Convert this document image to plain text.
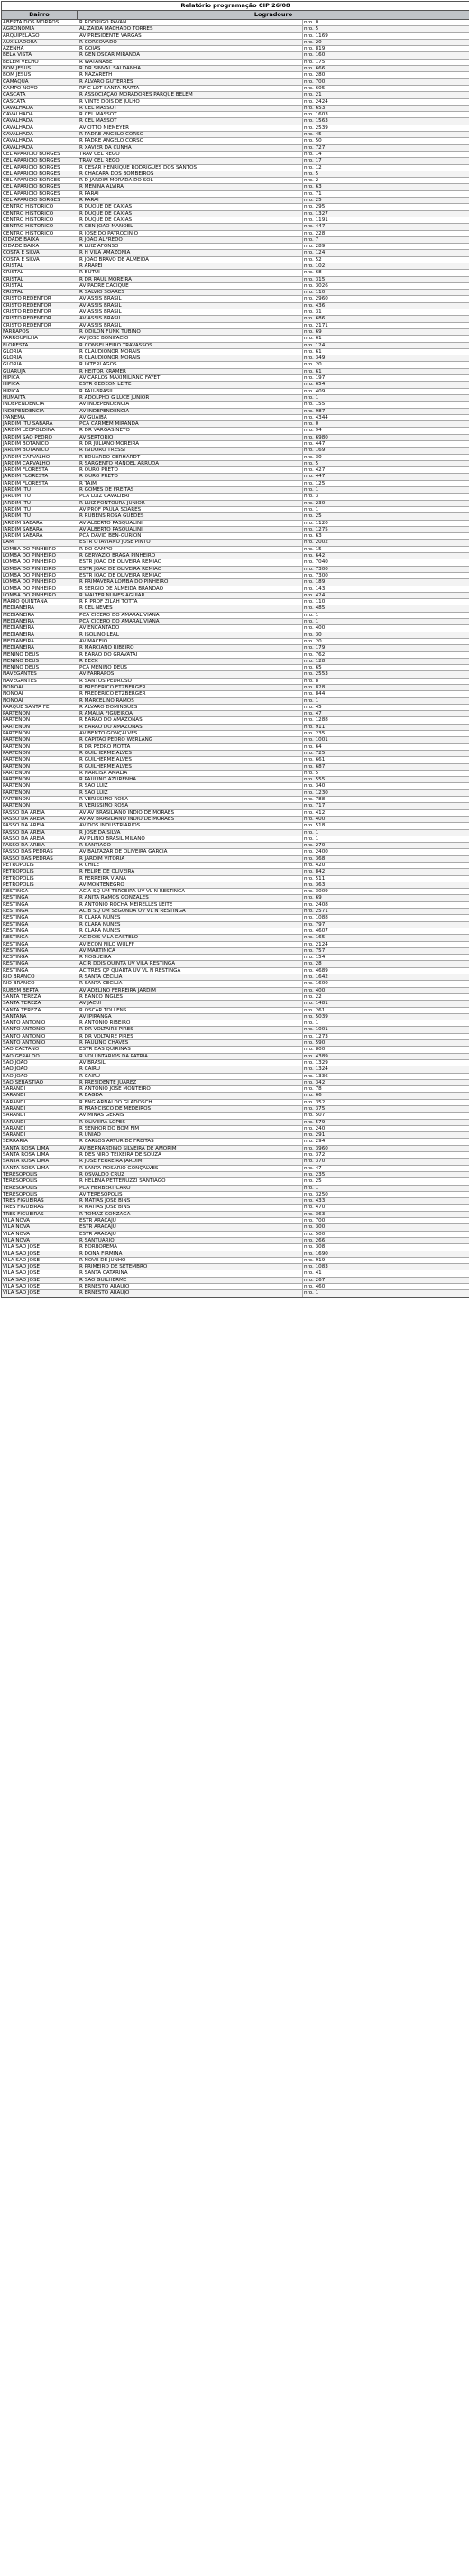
Relatório programação CIP 26/08
Bairro	Logradouro
ABERTA DOS MORROS	R RODRIGO PAVAN	nro. 0
AGRONOMIA	AL ZAIDA MACHADO TORRES	nro. 5
ARQUIPÉLAGO	AV PRESIDENTE VARGAS	nro. 1169
AUXILIADORA	R CORCOVADO	nro. 20
AZENHA	R GOIÁS	nro. 819
BELA VISTA	R GEN OSCAR MIRANDA	nro. 160
BELÉM VELHO	R WATANABE	nro. 175
BOM JESUS	R DR SINVAL SALDANHA	nro. 666
BOM JESUS	R NAZARETH	nro. 280
CAMAQUÃ	R ALVARO GUTERRES	nro. 700
CAMPO NOVO	RF C LOT SANTA MARTA	nro. 605
CASCATA	R ASSOCIAÇÃO MORADORES PARQUE BELEM	nro. 21
CASCATA	R VINTE DOIS DE JULHO	nro. 2424
CAVALHADA	R CEL MASSOT	nro. 653
CAVALHADA	R CEL MASSOT	nro. 1603
CAVALHADA	R CEL MASSOT	nro. 1563
CAVALHADA	AV OTTO NIEMEYER	nro. 2539
CAVALHADA	R PADRE ÂNGELO CORSO	nro. 45
CAVALHADA	R PADRE ÂNGELO CORSO	nro. 50
CAVALHADA	R XAVIER DA CUNHA	nro. 727
CEL APARICIO BORGES	TRAV CEL REGO	nro. 14
CEL APARICIO BORGES	TRAV CEL REGO	nro. 17
CEL APARICIO BORGES	R CESAR HENRIQUE RODRIGUES DOS SANTOS	nro. 12
CEL APARICIO BORGES	R CHACARA DOS BOMBEIROS	nro. 5
CEL APARICIO BORGES	R D JARDIM MORADA DO SOL	nro. 2
CEL APARICIO BORGES	R MENINA ALVIRA	nro. 63
CEL APARICIO BORGES	R PARAÍ	nro. 71
CEL APARICIO BORGES	R PARAÍ	nro. 25
CENTRO HISTÓRICO	R DUQUE DE CAXIAS	nro. 295
CENTRO HISTÓRICO	R DUQUE DE CAXIAS	nro. 1327
CENTRO HISTÓRICO	R DUQUE DE CAXIAS	nro. 1191
CENTRO HISTÓRICO	R GEN JOÃO MANOEL	nro. 447
CENTRO HISTÓRICO	R JOSÉ DO PATROCÍNIO	nro. 228
CIDADE BAIXA	R JOÃO ALFREDO	nro. 7
CIDADE BAIXA	R LUIZ AFONSO	nro. 289
COSTA E SILVA	R H VILA AMAZÔNIA	nro. 124
COSTA E SILVA	R JOÃO BRAVO DE ALMEIDA	nro. 52
CRISTAL	R ARAPEÍ	nro. 102
CRISTAL	R BUTUÍ	nro. 68
CRISTAL	R DR RAUL MOREIRA	nro. 315
CRISTAL	AV PADRE CACIQUE	nro. 3026
CRISTAL	R SALVIO SOARES	nro. 110
CRISTO REDENTOR	AV ASSIS BRASIL	nro. 2960
CRISTO REDENTOR	AV ASSIS BRASIL	nro. 436
CRISTO REDENTOR	AV ASSIS BRASIL	nro. 31
CRISTO REDENTOR	AV ASSIS BRASIL	nro. 686
CRISTO REDENTOR	AV ASSIS BRASIL	nro. 2171
FARRAPOS	R ODILON FUNK TUBINO	nro. 69
FARROUPILHA	AV JOSÉ BONIFÁCIO	nro. 61
FLORESTA	R CONSELHEIRO TRAVASSOS	nro. 124
GLÓRIA	R CLAUDIONOR MORAIS	nro. 61
GLÓRIA	R CLAUDIONOR MORAIS	nro. 349
GLÓRIA	R INTERLAGOS	nro. 20
GUARUJÁ	R HEITOR KRAMER	nro. 61
HÍPICA	AV CARLOS MAXIMILIANO FAYET	nro. 197
HÍPICA	ESTR GEDEON LEITE	nro. 654
HÍPICA	R PAU-BRASIL	nro. 409
HUMAITÁ	R ADOLPHO G LUCE JUNIOR	nro. 1
INDEPENDÊNCIA	AV INDEPENDÊNCIA	nro. 155
INDEPENDÊNCIA	AV INDEPENDÊNCIA	nro. 987
IPANEMA	AV GUAÍBA	nro. 4344
JARDIM ITU SABARÁ	PCA CARMEM MIRANDA	nro. 0
JARDIM LEOPOLDINA	R DR VARGAS NETO	nro. 94
JARDIM SÃO PEDRO	AV SERTÓRIO	nro. 6980
JARDIM BOTÂNICO	R DR JULIANO MOREIRA	nro. 447
JARDIM BOTÂNICO	R ISIDORO TRESSI	nro. 169
JARDIM CARVALHO	R EDUARDO GERHARDT	nro. 30
JARDIM CARVALHO	R SARGENTO MANOEL ARRUDA	nro. 5
JARDIM FLORESTA	R OURO PRETO	nro. 427
JARDIM FLORESTA	R OURO PRETO	nro. 447
JARDIM FLORESTA	R TAIM	nro. 125
JARDIM ITU	R GOMES DE FREITAS	nro. 1
JARDIM ITU	PCA LUIZ CAVALIERI	nro. 3
JARDIM ITU	R LUIZ FONTOURA JUNIOR	nro. 230
JARDIM ITU	AV PROF PAULA SOARES	nro. 1
JARDIM ITU	R RUBENS ROSA GUEDES	nro. 25
JARDIM SABARÁ	AV ALBERTO PASQUALINI	nro. 1120
JARDIM SABARÁ	AV ALBERTO PASQUALINI	nro. 1275
JARDIM SABARÁ	PCA DAVID BEN-GURION	nro. 63
LAMI	ESTR OTAVIANO JOSÉ PINTO	nro. 2002
LOMBA DO PINHEIRO	R DO CAMPO	nro. 15
LOMBA DO PINHEIRO	R GERVÁZIO BRAGA PINHEIRO	nro. 642
LOMBA DO PINHEIRO	ESTR JOÃO DE OLIVEIRA REMIÃO	nro. 7040
LOMBA DO PINHEIRO	ESTR JOÃO DE OLIVEIRA REMIÃO	nro. 7300
LOMBA DO PINHEIRO	ESTR JOÃO DE OLIVEIRA REMIÃO	nro. 7300
LOMBA DO PINHEIRO	R PRIMAVERA LOMBA DO PINHEIRO	nro. 189
LOMBA DO PINHEIRO	R SERGIO DE ALMEIDA BRANDAO	nro. 143
LOMBA DO PINHEIRO	R WALTER NUNES AGUIAR	nro. 424
MÁRIO QUINTANA	R R PROF ZILAH TOTTA	nro. 110
MEDIANEIRA	R CEL NEVES	nro. 485
MEDIANEIRA	PCA CICERO DO AMARAL VIANA	nro. 1
MEDIANEIRA	PCA CICERO DO AMARAL VIANA	nro. 1
MEDIANEIRA	AV ENCANTADO	nro. 400
MEDIANEIRA	R ISOLINO LEAL	nro. 30
MEDIANEIRA	AV MACEIÓ	nro. 20
MEDIANEIRA	R MARCIANO RIBEIRO	nro. 179
MENINO DEUS	R BARÃO DO GRAVATAÍ	nro. 762
MENINO DEUS	R BECK	nro. 128
MENINO DEUS	PCA MENINO DEUS	nro. 65
NAVEGANTES	AV FARRAPOS	nro. 2553
NAVEGANTES	R SANTOS PEDROSO	nro. 8
NONOAI	R FREDERICO ETZBERGER	nro. 828
NONOAI	R FREDERICO ETZBERGER	nro. 844
NONOAI	R MARCELINO RAMOS	nro. 1
PARQUE SANTA FÉ	R ALVARO DOMINGUES	nro. 45
PARTENON	R AMÁLIA FIGUEIROA	nro. 47
PARTENON	R BARÃO DO AMAZONAS	nro. 1288
PARTENON	R BARÃO DO AMAZONAS	nro. 911
PARTENON	AV BENTO GONÇALVES	nro. 235
PARTENON	R CAPITÃO PEDRO WERLANG	nro. 1001
PARTENON	R DR PEDRO MOTTA	nro. 64
PARTENON	R GUILHERME ALVES	nro. 725
PARTENON	R GUILHERME ALVES	nro. 661
PARTENON	R GUILHERME ALVES	nro. 687
PARTENON	R NARCISA AMÁLIA	nro. 5
PARTENON	R PAULINO AZURENHA	nro. 555
PARTENON	R SÃO LUIZ	nro. 340
PARTENON	R SÃO LUIZ	nro. 1230
PARTENON	R VERÍSSIMO ROSA	nro. 788
PARTENON	R VERÍSSIMO ROSA	nro. 717
PASSO DA AREIA	AV AV BRASILIANO ÍNDIO DE MORAES	nro. 412
PASSO DA AREIA	AV AV BRASILIANO ÍNDIO DE MORAES	nro. 400
PASSO DA AREIA	AV DOS INDUSTRIÁRIOS	nro. 518
PASSO DA AREIA	R JOSÉ DA SILVA	nro. 1
PASSO DA AREIA	AV PLÍNIO BRASIL MILANO	nro. 1
PASSO DA AREIA	R SANTIAGO	nro. 270
PASSO DAS PEDRAS	AV BALTAZAR DE OLIVEIRA GARCIA	nro. 2400
PASSO DAS PEDRAS	R JARDIM VITÓRIA	nro. 368
PETRÓPOLIS	R CHILE	nro. 420
PETRÓPOLIS	R FELIPE DE OLIVEIRA	nro. 842
PETRÓPOLIS	R FERREIRA VIANA	nro. 511
PETRÓPOLIS	AV MONTENEGRO	nro. 363
RESTINGA	AC A SQ UM TERCEIRA UV VL N RESTINGA	nro. 3009
RESTINGA	R ANITA RAMOS GONZALES	nro. 69
RESTINGA	R ANTONIO ROCHA MEIRELLES LEITE	nro. 2408
RESTINGA	AC B SQ UM SEGUNDA UV VL N RESTINGA	nro. 2571
RESTINGA	R CLARA NUNES	nro. 1088
RESTINGA	R CLARA NUNES	nro. 797
RESTINGA	R CLARA NUNES	nro. 4607
RESTINGA	AC DOIS VILA CASTELO	nro. 165
RESTINGA	AV ECON NILO WULFF	nro. 2124
RESTINGA	AV MARTÍNICA	nro. 757
RESTINGA	R NOGUEIRA	nro. 154
RESTINGA	AC R DOIS QUINTA UV VILA RESTINGA	nro. 28
RESTINGA	AC TRES QP QUARTA UV VL N RESTINGA	nro. 4689
RIO BRANCO	R SANTA CECÍLIA	nro. 1642
RIO BRANCO	R SANTA CECÍLIA	nro. 1600
RUBEM BERTA	AV ADELINO FERREIRA JARDIM	nro. 400
SANTA TEREZA	R BANCO INGLÊS	nro. 22
SANTA TEREZA	AV JACUÍ	nro. 1481
SANTA TEREZA	R OSCAR TOLLENS	nro. 261
SANTANA	AV IPIRANGA	nro. 5039
SANTO ANTÔNIO	R ANTÔNIO RIBEIRO	nro. 1
SANTO ANTÔNIO	R DR VOLTAIRE PIRES	nro. 1001
SANTO ANTÔNIO	R DR VOLTAIRE PIRES	nro. 1273
SANTO ANTÔNIO	R PAULINO CHAVES	nro. 590
SÃO CAETANO	ESTR DAS QUIRINAS	nro. 800
SÃO GERALDO	R VOLUNTÁRIOS DA PÁTRIA	nro. 4389
SÃO JOÃO	AV BRASIL	nro. 1329
SÃO JOÃO	R CAIRU	nro. 1324
SÃO JOÃO	R CAIRU	nro. 1336
SÃO SEBASTIÃO	R PRESIDENTE JUAREZ	nro. 342
SARANDI	R ANTÔNIO JOSÉ MONTEIRO	nro. 78
SARANDI	R BAGDÁ	nro. 66
SARANDI	R ENG ARNALDO GLADOSCH	nro. 352
SARANDI	R FRANCISCO DE MEDEIROS	nro. 375
SARANDI	AV MINAS GERAIS	nro. 507
SARANDI	R OLIVEIRA LOPES	nro. 579
SARANDI	R SENHOR DO BOM FIM	nro. 240
SARANDI	R UNIÃO	nro. 291
SERRARIA	R CARLOS ARTUR DE FREITAS	nro. 294
SANTA ROSA LIMA	AV BERNARDINO SILVEIRA DE AMORIM	nro. 3960
SANTA ROSA LIMA	R DES NIRO TEIXEIRA DE SOUZA	nro. 372
SANTA ROSA LIMA	R JOSÉ FERREIRA JARDIM	nro. 370
SANTA ROSA LIMA	R SANTA ROSÁRIO GONÇALVES	nro. 47
TERESÓPOLIS	R OSVALDO CRUZ	nro. 235
TERESÓPOLIS	R HELENA PETTENUZZI SANTIAGO	nro. 25
TERESÓPOLIS	PCA HERBERT CARO	nro. 1
TERESÓPOLIS	AV TERESÓPOLIS	nro. 3250
TRÊS FIGUEIRAS	R MATIAS JOSÉ BINS	nro. 433
TRÊS FIGUEIRAS	R MATIAS JOSÉ BINS	nro. 470
TRÊS FIGUEIRAS	R TOMAZ GONZAGA	nro. 363
VILA NOVA	ESTR ARACAJU	nro. 700
VILA NOVA	ESTR ARACAJU	nro. 300
VILA NOVA	ESTR ARACAJU	nro. 500
VILA NOVA	R SANTUÁRIO	nro. 266
VILA SÃO JOSÉ	R BORBOREMA	nro. 308
VILA SÃO JOSÉ	R DONA FIRMINA	nro. 1690
VILA SÃO JOSÉ	R NOVE DE JUNHO	nro. 919
VILA SÃO JOSÉ	R PRIMEIRO DE SETEMBRO	nro. 1083
VILA SÃO JOSÉ	R SANTA CATARINA	nro. 41
VILA SÃO JOSÉ	R SÃO GUILHERME	nro. 267
VILA SÃO JOSÉ	R ERNESTO ARAUJO	nro. 460
VILA SÃO JOSÉ	R ERNESTO ARAUJO	nro. 1
